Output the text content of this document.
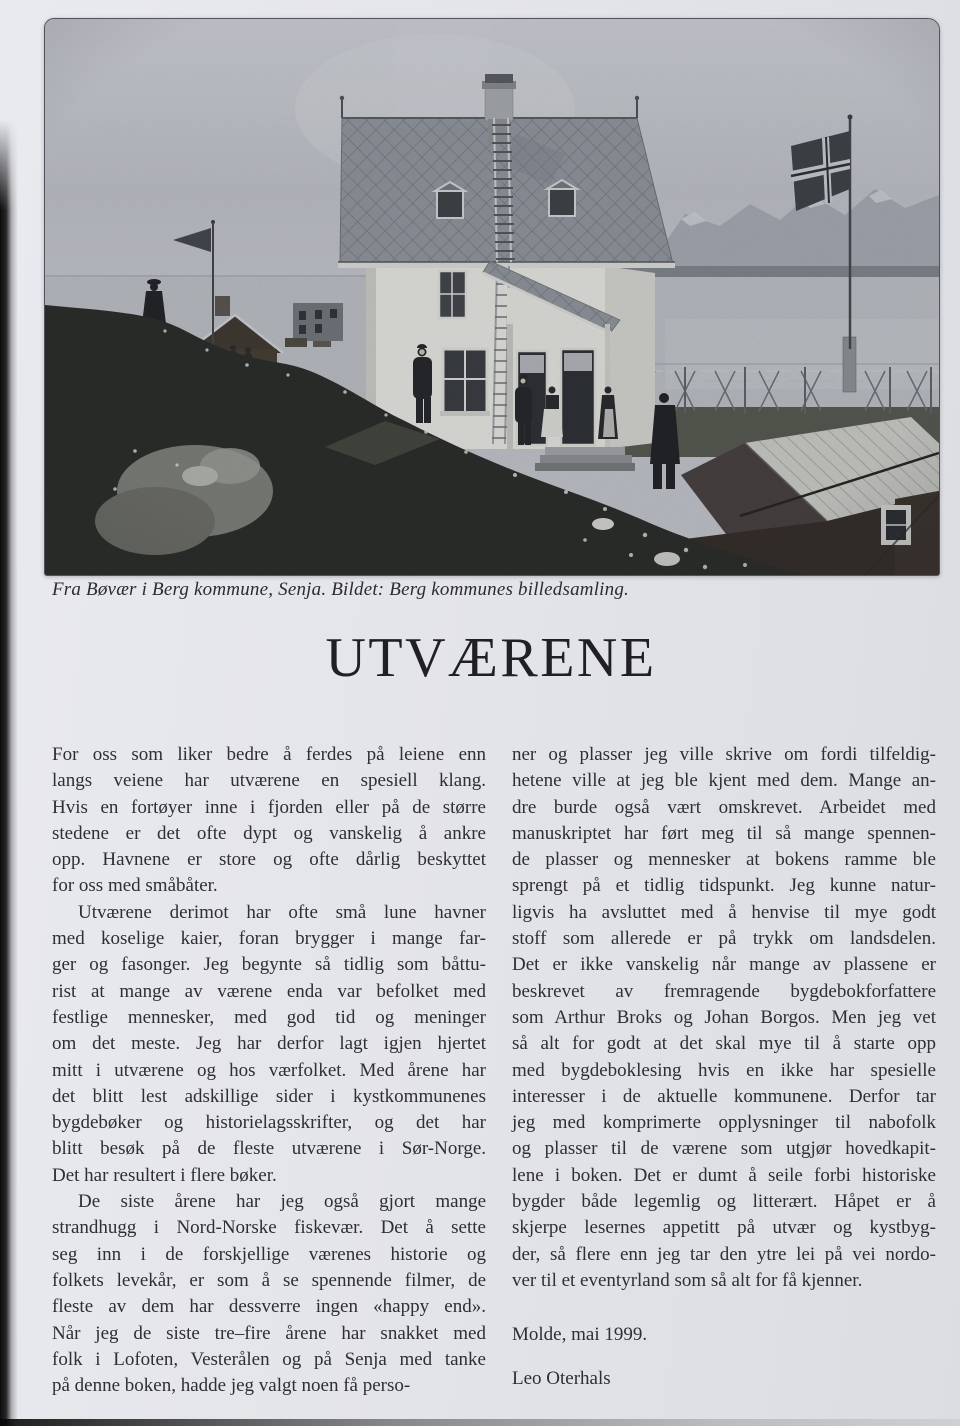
Fra Bøvær i Berg kommune, Senja. Bildet: Berg kommunes billedsamling.

UTVÆRENE
For oss som liker bedre å ferdes på leiene enn
langs veiene har utværene en spesiell klang.
Hvis en fortøyer inne i fjorden eller på de større
stedene er det ofte dypt og vanskelig å ankre
opp. Havnene er store og ofte dårlig beskyttet
for oss med småbåter.
Utværene derimot har ofte små lune havner
med koselige kaier, foran brygger i mange far-
ger og fasonger. Jeg begynte så tidlig som båttu-
rist at mange av værene enda var befolket med
festlige mennesker, med god tid og meninger
om det meste. Jeg har derfor lagt igjen hjertet
mitt i utværene og hos værfolket. Med årene har
det blitt lest adskillige sider i kystkommunenes
bygdebøker og historielagsskrifter, og det har
blitt besøk på de fleste utværene i Sør-Norge.
Det har resultert i flere bøker.
De siste årene har jeg også gjort mange
strandhugg i Nord-Norske fiskevær. Det å sette
seg inn i de forskjellige værenes historie og
folkets levekår, er som å se spennende filmer, de
fleste av dem har dessverre ingen «happy end».
Når jeg de siste tre–fire årene har snakket med
folk i Lofoten, Vesterålen og på Senja med tanke
på denne boken, hadde jeg valgt noen få perso-
ner og plasser jeg ville skrive om fordi tilfeldig-
hetene ville at jeg ble kjent med dem. Mange an-
dre burde også vært omskrevet. Arbeidet med
manuskriptet har ført meg til så mange spennen-
de plasser og mennesker at bokens ramme ble
sprengt på et tidlig tidspunkt. Jeg kunne natur-
ligvis ha avsluttet med å henvise til mye godt
stoff som allerede er på trykk om landsdelen.
Det er ikke vanskelig når mange av plassene er
beskrevet av fremragende bygdebokforfattere
som Arthur Broks og Johan Borgos. Men jeg vet
så alt for godt at det skal mye til å starte opp
med bygdeboklesing hvis en ikke har spesielle
interesser i de aktuelle kommunene. Derfor tar
jeg med komprimerte opplysninger til nabofolk
og plasser til de værene som utgjør hovedkapit-
lene i boken. Det er dumt å seile forbi historiske
bygder både legemlig og litterært. Håpet er å
skjerpe lesernes appetitt på utvær og kystbyg-
der, så flere enn jeg tar den ytre lei på vei nordo-
ver til et eventyrland som så alt for få kjenner.

Molde, mai 1999.

Leo Oterhals
